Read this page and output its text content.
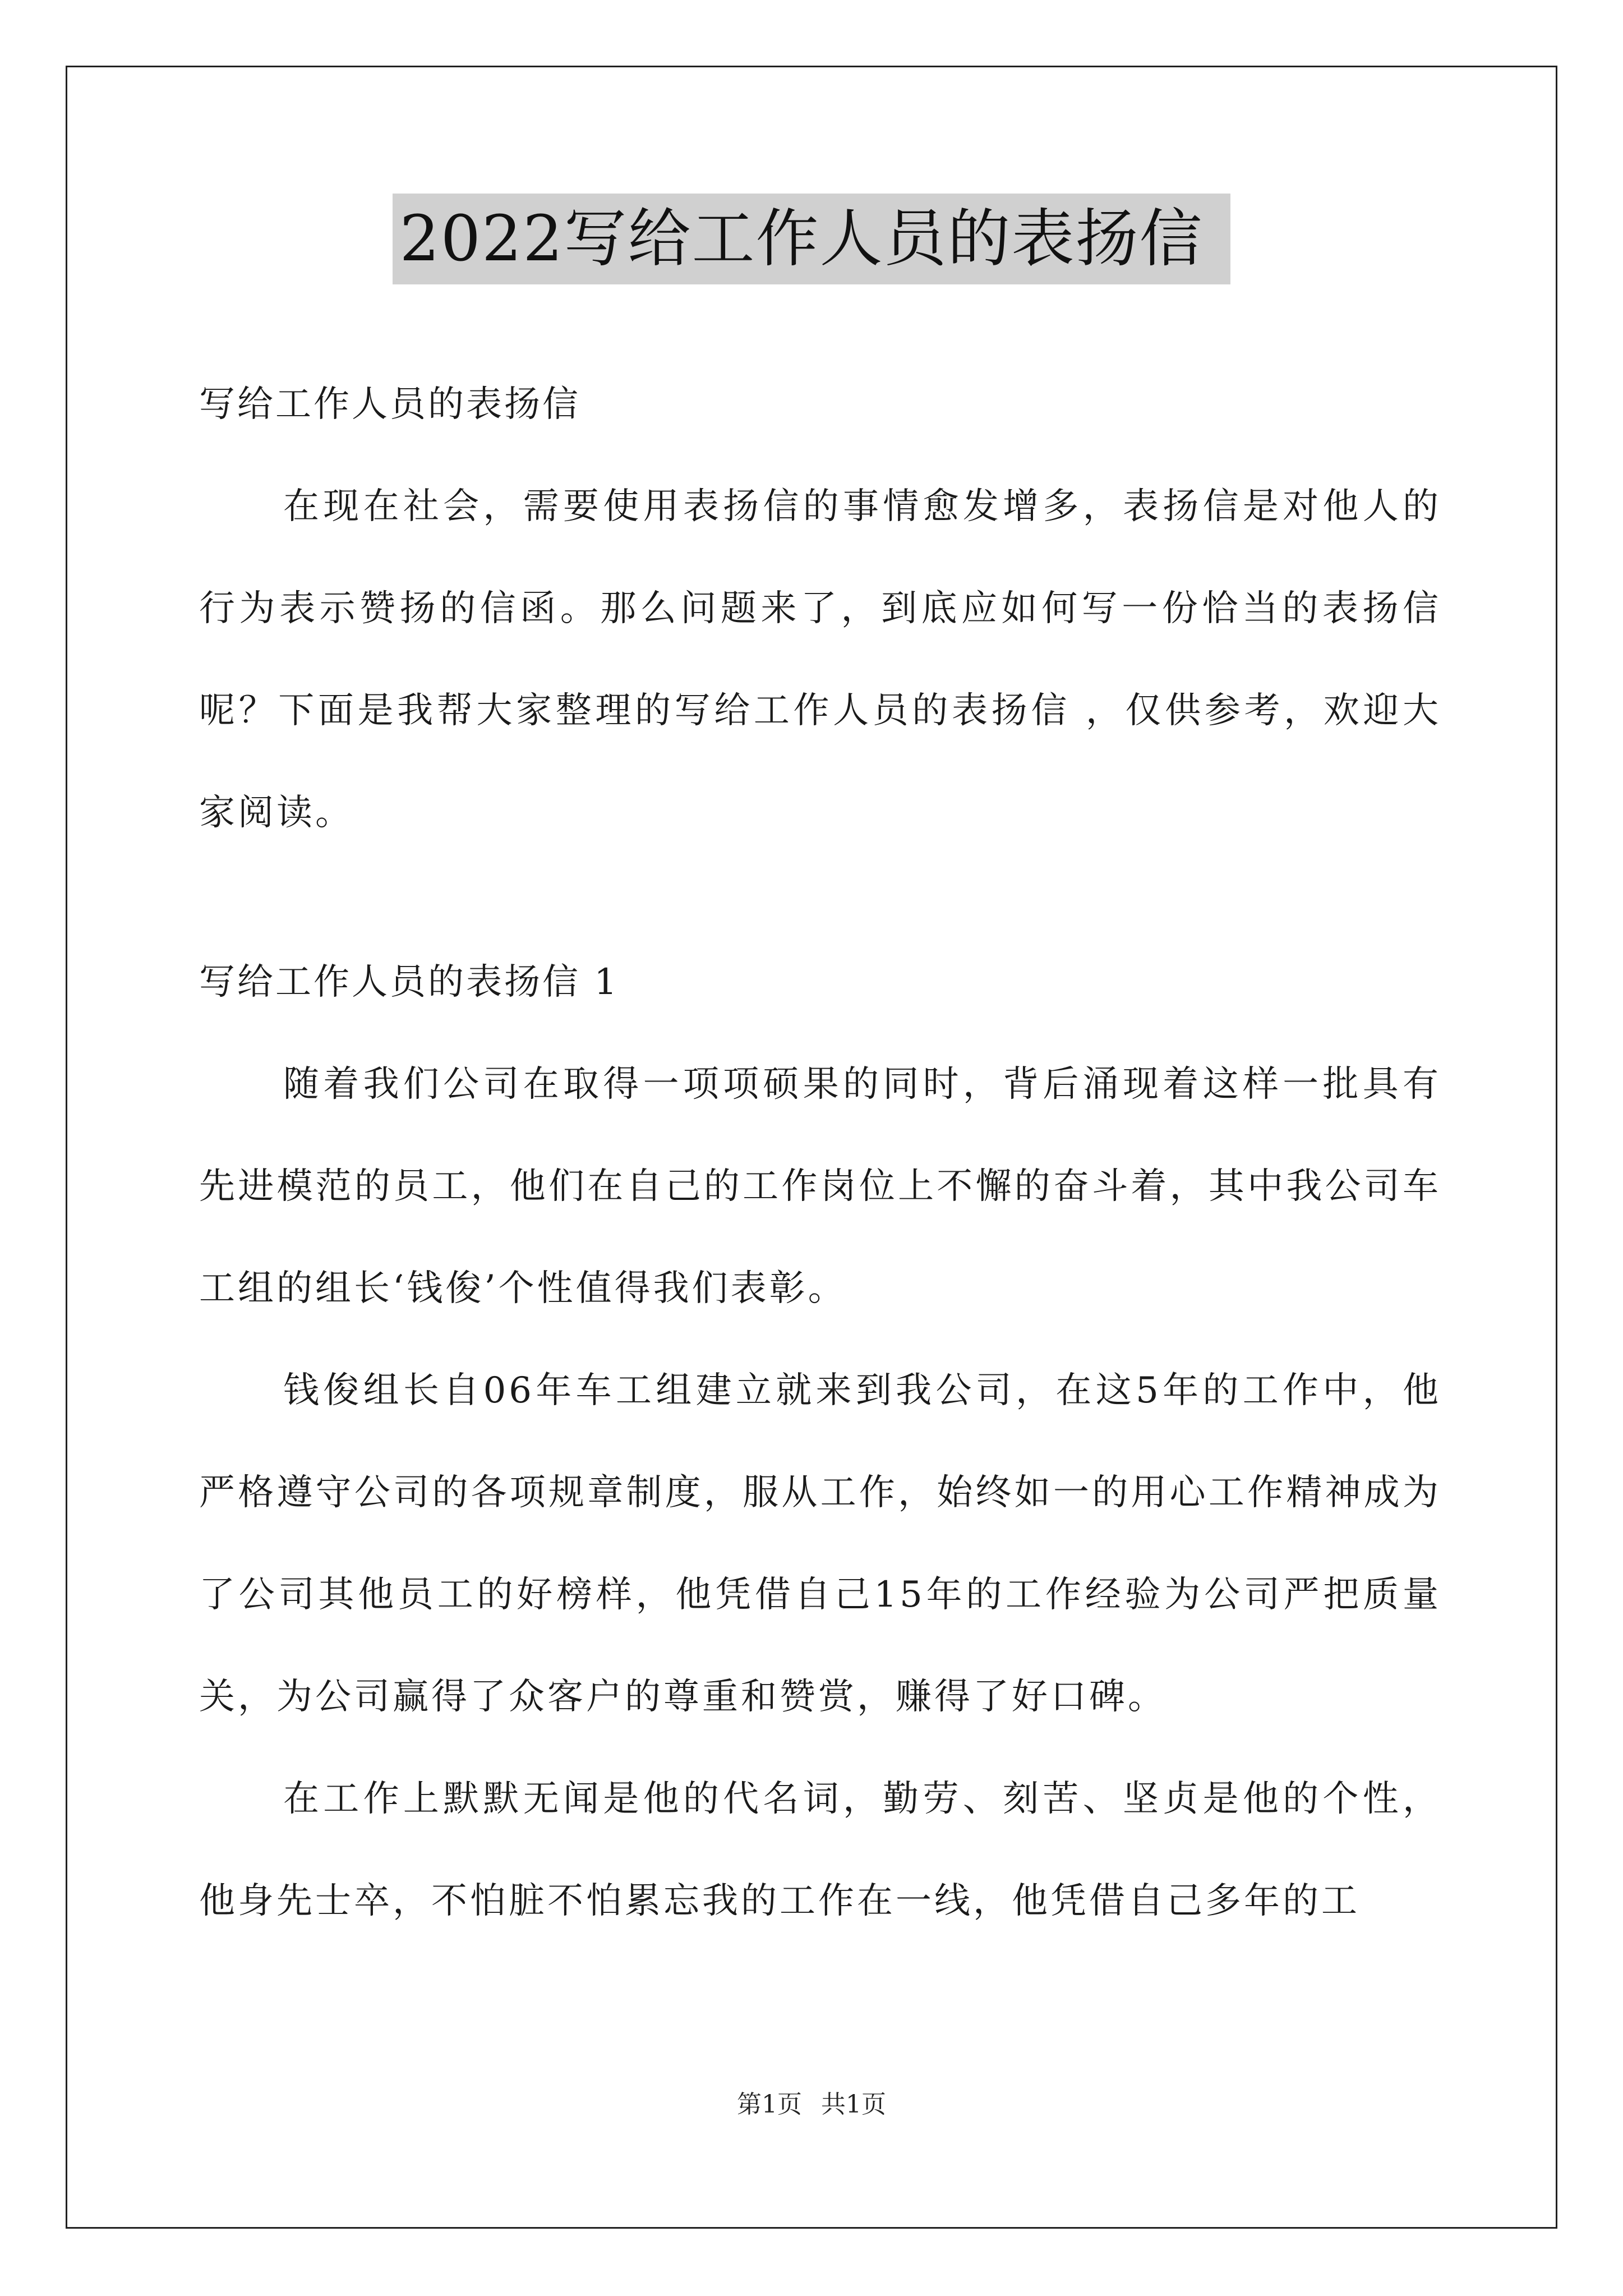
2022写给工作人员的表扬信

写给工作人员的表扬信

在现在社会，需要使用表扬信的事情愈发增多，表扬信是对他人的行为表示赞扬的信函。那么问题来了，到底应如何写一份恰当的表扬信呢？下面是我帮大家整理的写给工作人员的表扬信 ，仅供参考，欢迎大家阅读。

写给工作人员的表扬信 1

随着我们公司在取得一项项硕果的同时，背后涌现着这样一批具有先进模范的员工，他们在自己的工作岗位上不懈的奋斗着，其中我公司车工组的组长‘钱俊’个性值得我们表彰。

钱俊组长自06年车工组建立就来到我公司，在这5年的工作中，他严格遵守公司的各项规章制度，服从工作，始终如一的用心工作精神成为了公司其他员工的好榜样，他凭借自己15年的工作经验为公司严把质量关，为公司赢得了众客户的尊重和赞赏，赚得了好口碑。

在工作上默默无闻是他的代名词，勤劳、刻苦、坚贞是他的个性，他身先士卒，不怕脏不怕累忘我的工作在一线，他凭借自己多年的工

第1页 共1页
